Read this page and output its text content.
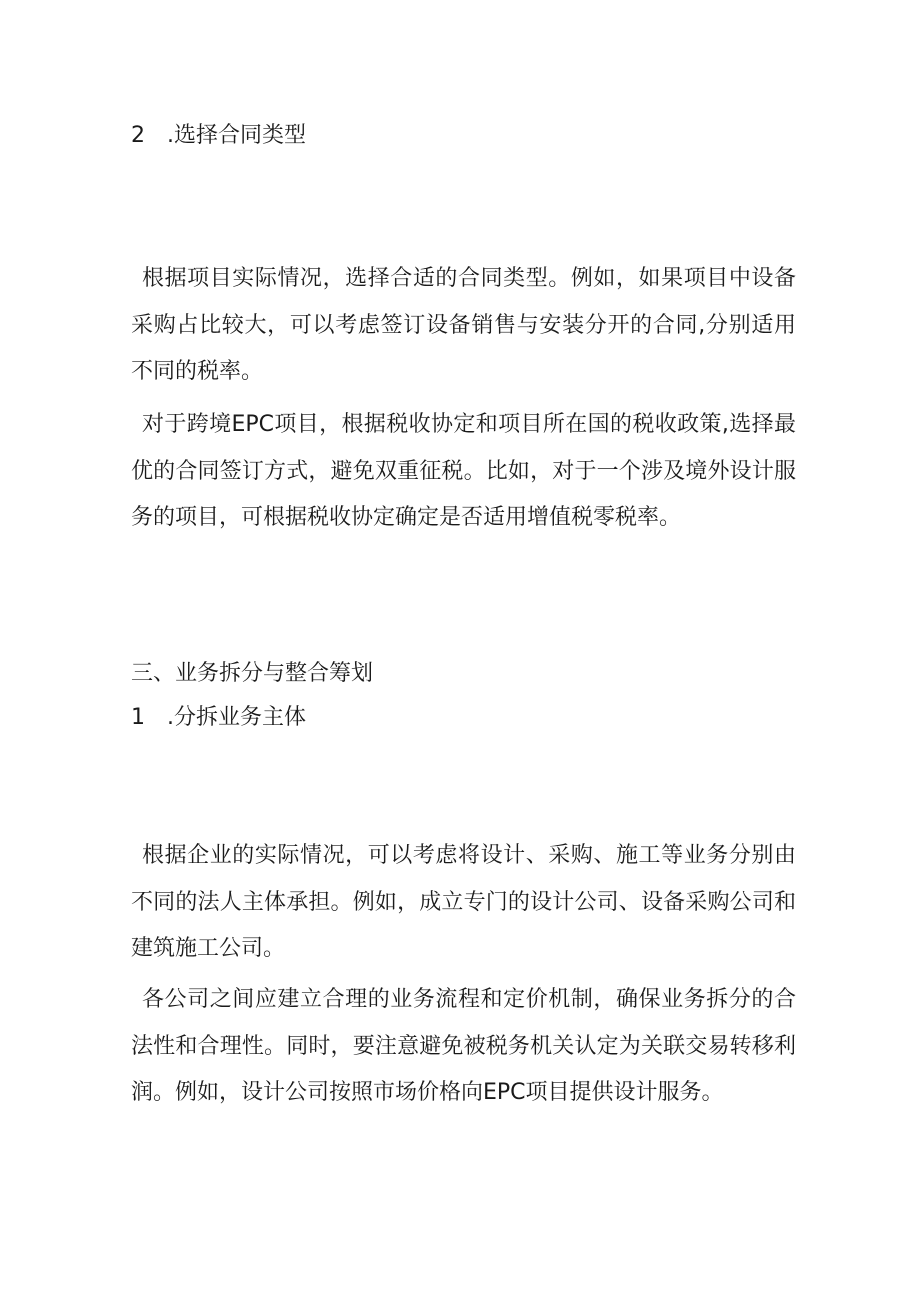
2　.选择合同类型

根据项目实际情况，选择合适的合同类型。例如，如果项目中设备采购占比较大，可以考虑签订设备销售与安装分开的合同,分别适用不同的税率。

对于跨境EPC项目，根据税收协定和项目所在国的税收政策,选择最优的合同签订方式，避免双重征税。比如，对于一个涉及境外设计服务的项目，可根据税收协定确定是否适用增值税零税率。

三、业务拆分与整合筹划
1　.分拆业务主体

根据企业的实际情况，可以考虑将设计、采购、施工等业务分别由不同的法人主体承担。例如，成立专门的设计公司、设备采购公司和建筑施工公司。

各公司之间应建立合理的业务流程和定价机制，确保业务拆分的合法性和合理性。同时，要注意避免被税务机关认定为关联交易转移利润。例如，设计公司按照市场价格向EPC项目提供设计服务。
